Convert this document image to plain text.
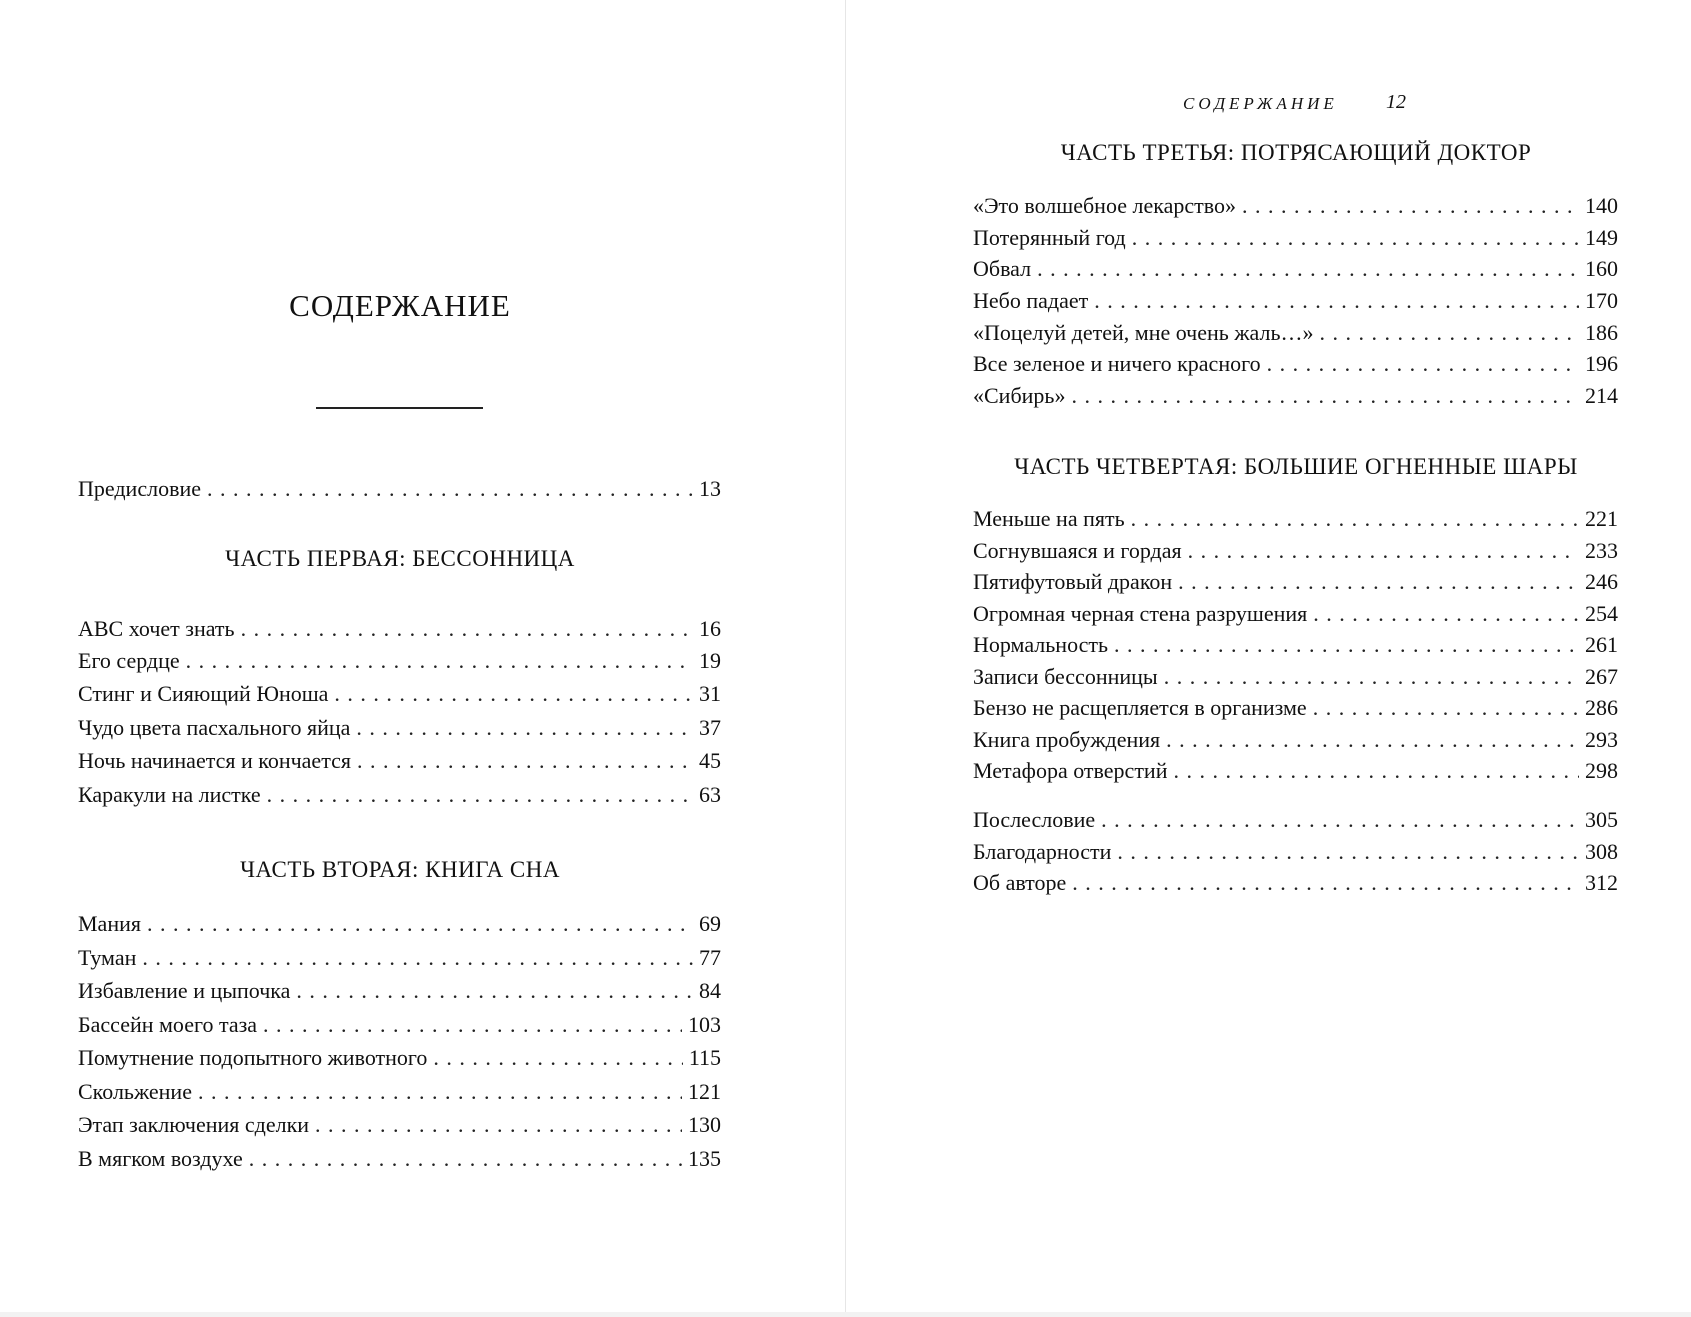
СОДЕРЖАНИЕ
Предисловие . . .	13
ЧАСТЬ ПЕРВАЯ: БЕССОННИЦА
ABC хочет знать . . .	16
Его сердце . . .	19
Стинг и Сияющий Юноша . . .	31
Чудо цвета пасхального яйца . . .	37
Ночь начинается и кончается . . .	45
Каракули на листке . . .	63
ЧАСТЬ ВТОРАЯ: КНИГА СНА
Мания . . .	69
Туман . . .	77
Избавление и цыпочка . . .	84
Бассейн моего таза . . .	103
Помутнение подопытного животного . . .	115
Скольжение . . .	121
Этап заключения сделки . . .	130
В мягком воздухе . . .	135
СОДЕРЖАНИЕ 12
ЧАСТЬ ТРЕТЬЯ: ПОТРЯСАЮЩИЙ ДОКТОР
«Это волшебное лекарство» . . .	140
Потерянный год . . .	149
Обвал . . .	160
Небо падает . . .	170
«Поцелуй детей, мне очень жаль…» . . .	186
Все зеленое и ничего красного . . .	196
«Сибирь» . . .	214
ЧАСТЬ ЧЕТВЕРТАЯ: БОЛЬШИЕ ОГНЕННЫЕ ШАРЫ
Меньше на пять . . .	221
Согнувшаяся и гордая . . .	233
Пятифутовый дракон . . .	246
Огромная черная стена разрушения . . .	254
Нормальность . . .	261
Записи бессонницы . . .	267
Бензо не расщепляется в организме . . .	286
Книга пробуждения . . .	293
Метафора отверстий . . .	298
Послесловие . . .	305
Благодарности . . .	308
Об авторе . . .	312
